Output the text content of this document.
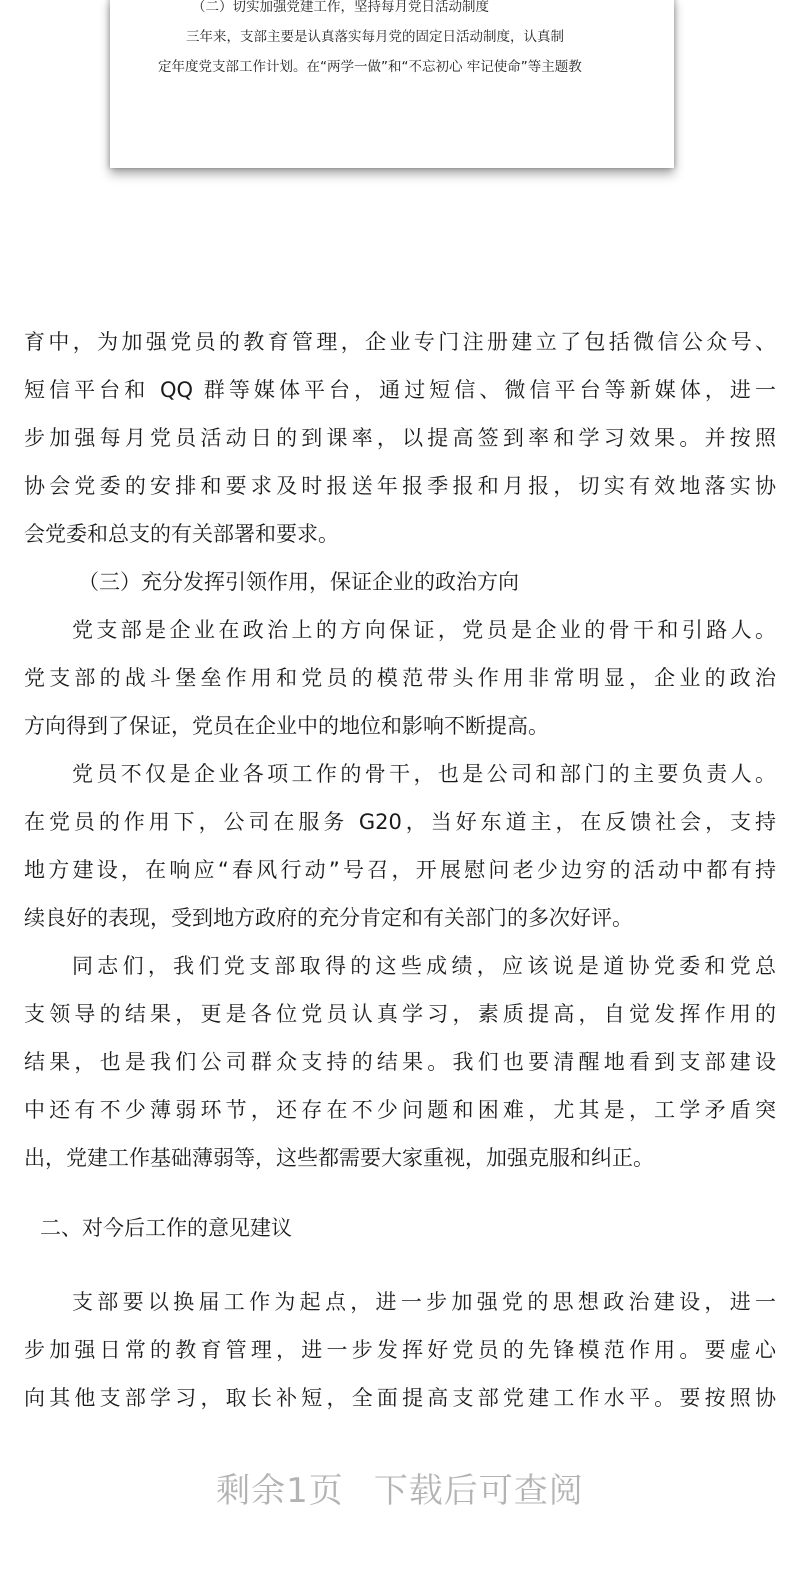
（二）切实加强党建工作，坚持每月党日活动制度
三年来，支部主要是认真落实每月党的固定日活动制度，认真制
定年度党支部工作计划。在“两学一做”和“不忘初心 牢记使命”等主题教
育中，为加强党员的教育管理，企业专门注册建立了包括微信公众号、
短信平台和 QQ 群等媒体平台，通过短信、微信平台等新媒体，进一
步加强每月党员活动日的到课率，以提高签到率和学习效果。并按照
协会党委的安排和要求及时报送年报季报和月报，切实有效地落实协
会党委和总支的有关部署和要求。
（三）充分发挥引领作用，保证企业的政治方向
党支部是企业在政治上的方向保证，党员是企业的骨干和引路人。
党支部的战斗堡垒作用和党员的模范带头作用非常明显，企业的政治
方向得到了保证，党员在企业中的地位和影响不断提高。
党员不仅是企业各项工作的骨干，也是公司和部门的主要负责人。
在党员的作用下，公司在服务 G20，当好东道主，在反馈社会，支持
地方建设，在响应“春风行动”号召，开展慰问老少边穷的活动中都有持
续良好的表现，受到地方政府的充分肯定和有关部门的多次好评。
同志们，我们党支部取得的这些成绩，应该说是道协党委和党总
支领导的结果，更是各位党员认真学习，素质提高，自觉发挥作用的
结果，也是我们公司群众支持的结果。我们也要清醒地看到支部建设
中还有不少薄弱环节，还存在不少问题和困难，尤其是，工学矛盾突
出，党建工作基础薄弱等，这些都需要大家重视，加强克服和纠正。
二、对今后工作的意见建议
支部要以换届工作为起点，进一步加强党的思想政治建设，进一
步加强日常的教育管理，进一步发挥好党员的先锋模范作用。要虚心
向其他支部学习，取长补短，全面提高支部党建工作水平。要按照协
剩余1页 下载后可查阅
